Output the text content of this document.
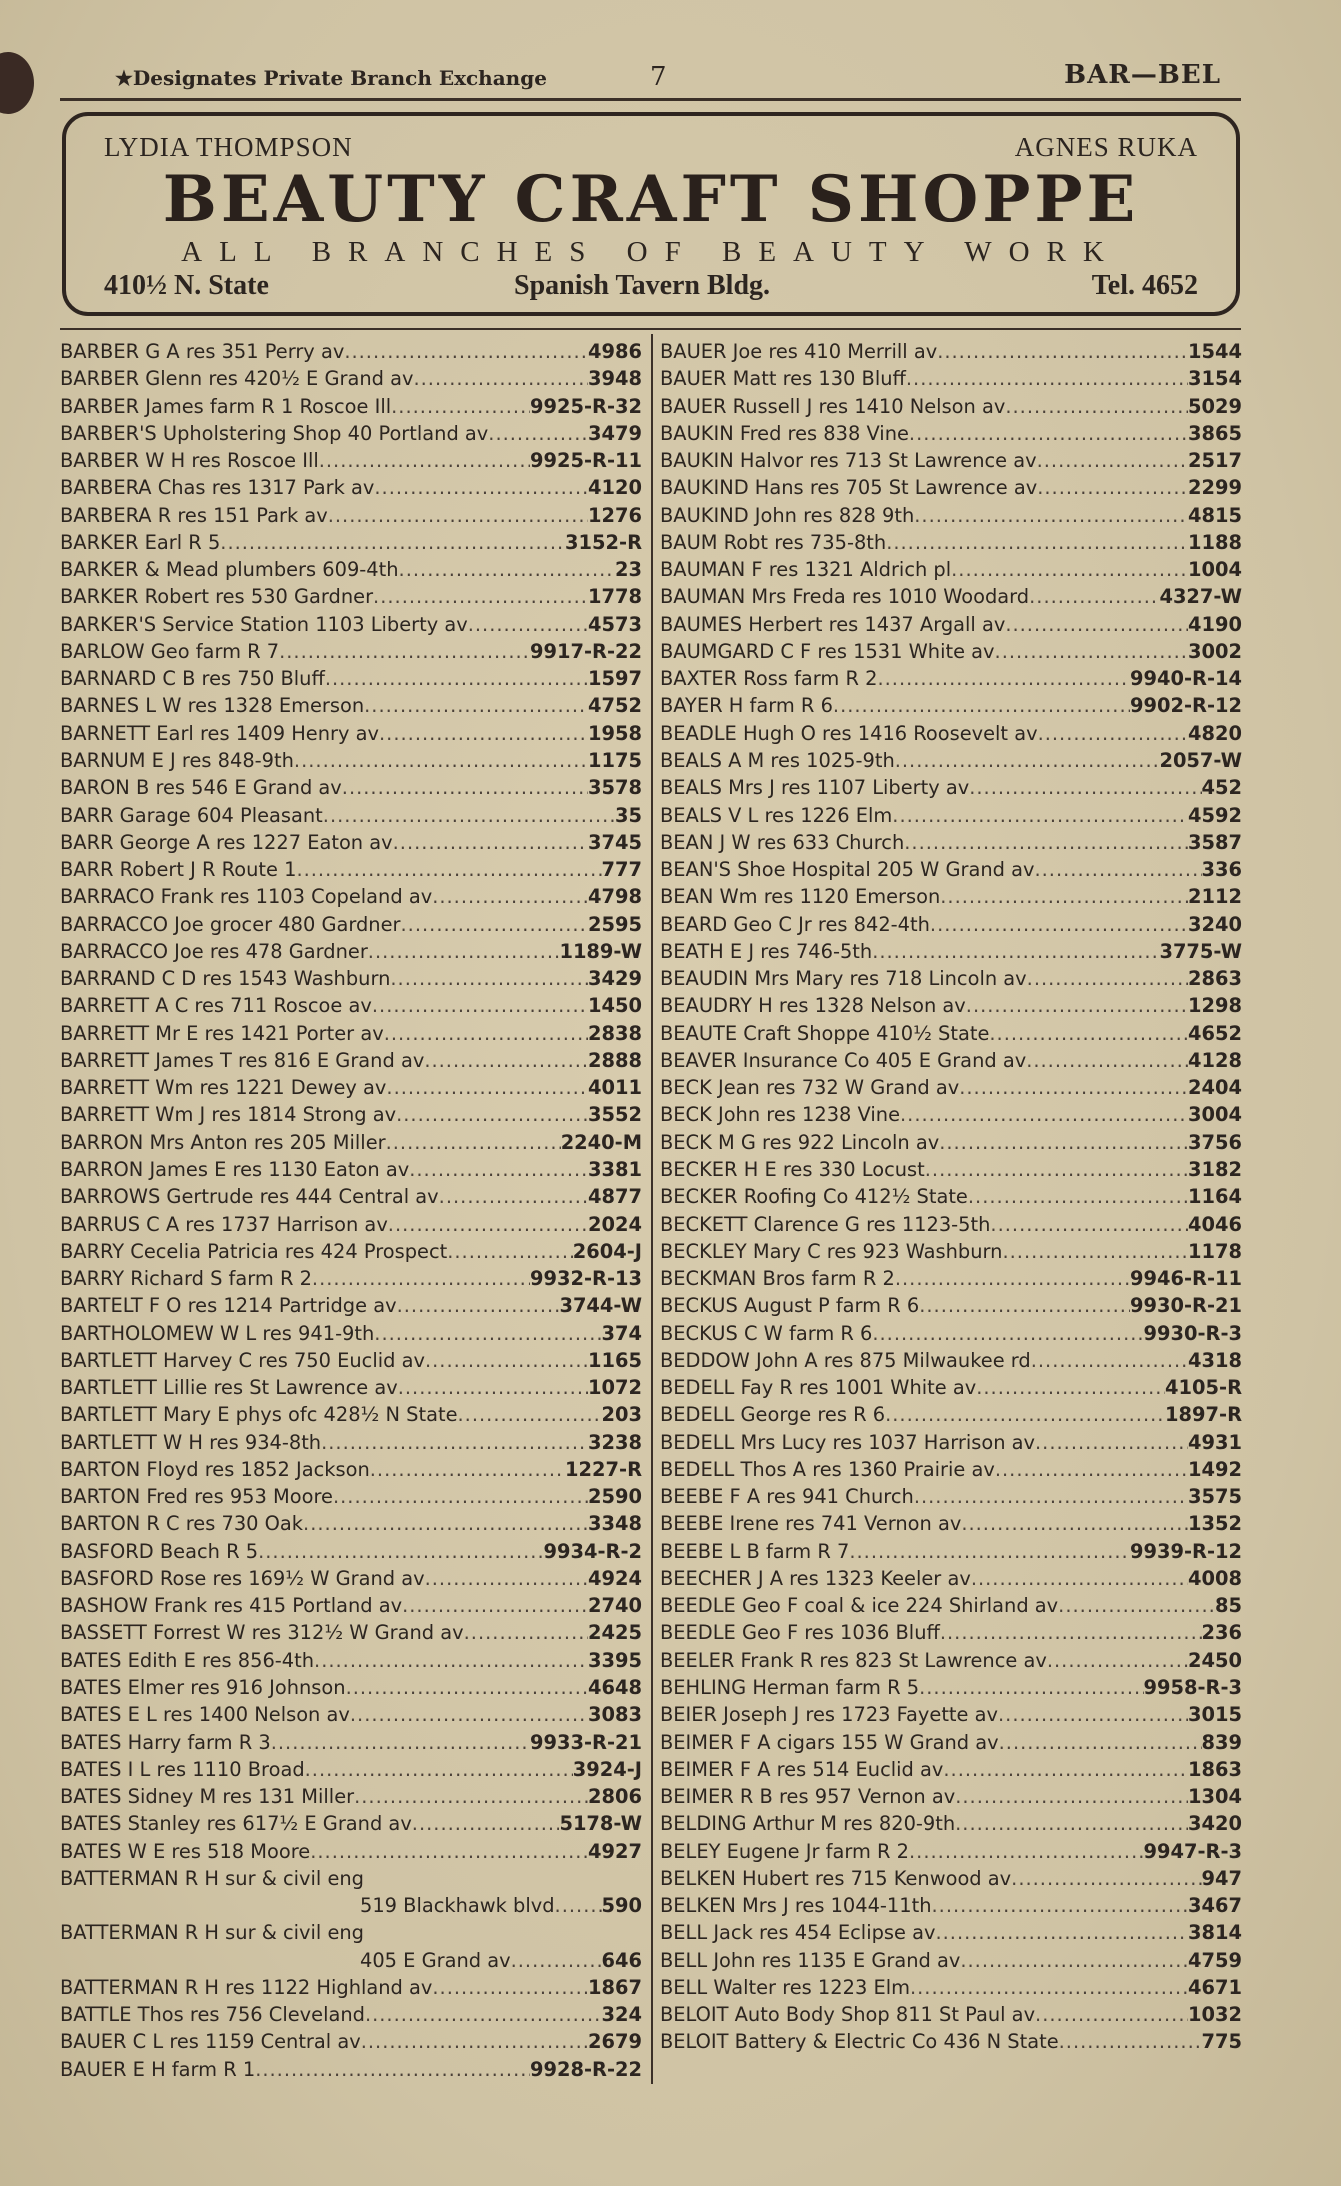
★Designates Private Branch Exchange	7	BAR—BEL
LYDIA THOMPSON	AGNES RUKA
BEAUTY CRAFT SHOPPE
ALL BRANCHES OF BEAUTY WORK
410½ N. State	Spanish Tavern Bldg.	Tel. 4652
BARBER G A res 351 Perry av .....	4986
BARBER Glenn res 420½ E Grand av .....	3948
BARBER James farm R 1 Roscoe Ill .....	9925-R-32
BARBER'S Upholstering Shop 40 Portland av .....	3479
BARBER W H res Roscoe Ill .....	9925-R-11
BARBERA Chas res 1317 Park av .....	4120
BARBERA R res 151 Park av .....	1276
BARKER Earl R 5 .....	3152-R
BARKER & Mead plumbers 609-4th .....	23
BARKER Robert res 530 Gardner .....	1778
BARKER'S Service Station 1103 Liberty av .....	4573
BARLOW Geo farm R 7 .....	9917-R-22
BARNARD C B res 750 Bluff .....	1597
BARNES L W res 1328 Emerson .....	4752
BARNETT Earl res 1409 Henry av .....	1958
BARNUM E J res 848-9th .....	1175
BARON B res 546 E Grand av .....	3578
BARR Garage 604 Pleasant .....	35
BARR George A res 1227 Eaton av .....	3745
BARR Robert J R Route 1 .....	777
BARRACO Frank res 1103 Copeland av .....	4798
BARRACCO Joe grocer 480 Gardner .....	2595
BARRACCO Joe res 478 Gardner .....	1189-W
BARRAND C D res 1543 Washburn .....	3429
BARRETT A C res 711 Roscoe av .....	1450
BARRETT Mr E res 1421 Porter av .....	2838
BARRETT James T res 816 E Grand av .....	2888
BARRETT Wm res 1221 Dewey av .....	4011
BARRETT Wm J res 1814 Strong av .....	3552
BARRON Mrs Anton res 205 Miller .....	2240-M
BARRON James E res 1130 Eaton av .....	3381
BARROWS Gertrude res 444 Central av .....	4877
BARRUS C A res 1737 Harrison av .....	2024
BARRY Cecelia Patricia res 424 Prospect .....	2604-J
BARRY Richard S farm R 2 .....	9932-R-13
BARTELT F O res 1214 Partridge av .....	3744-W
BARTHOLOMEW W L res 941-9th .....	374
BARTLETT Harvey C res 750 Euclid av .....	1165
BARTLETT Lillie res St Lawrence av .....	1072
BARTLETT Mary E phys ofc 428½ N State .....	203
BARTLETT W H res 934-8th .....	3238
BARTON Floyd res 1852 Jackson .....	1227-R
BARTON Fred res 953 Moore .....	2590
BARTON R C res 730 Oak .....	3348
BASFORD Beach R 5 .....	9934-R-2
BASFORD Rose res 169½ W Grand av .....	4924
BASHOW Frank res 415 Portland av .....	2740
BASSETT Forrest W res 312½ W Grand av .....	2425
BATES Edith E res 856-4th .....	3395
BATES Elmer res 916 Johnson .....	4648
BATES E L res 1400 Nelson av .....	3083
BATES Harry farm R 3 .....	9933-R-21
BATES I L res 1110 Broad .....	3924-J
BATES Sidney M res 131 Miller .....	2806
BATES Stanley res 617½ E Grand av .....	5178-W
BATES W E res 518 Moore .....	4927
BATTERMAN R H sur & civil eng
519 Blackhawk blvd ..... 590
BATTERMAN R H sur & civil eng
405 E Grand av .....	646
BATTERMAN R H res 1122 Highland av .....	1867
BATTLE Thos res 756 Cleveland .....	324
BAUER C L res 1159 Central av .....	2679
BAUER E H farm R 1 .....	9928-R-22
BAUER Joe res 410 Merrill av .....	1544
BAUER Matt res 130 Bluff .....	3154
BAUER Russell J res 1410 Nelson av .....	5029
BAUKIN Fred res 838 Vine .....	3865
BAUKIN Halvor res 713 St Lawrence av .....	2517
BAUKIND Hans res 705 St Lawrence av .....	2299
BAUKIND John res 828 9th .....	4815
BAUM Robt res 735-8th .....	1188
BAUMAN F res 1321 Aldrich pl .....	1004
BAUMAN Mrs Freda res 1010 Woodard .....	4327-W
BAUMES Herbert res 1437 Argall av .....	4190
BAUMGARD C F res 1531 White av .....	3002
BAXTER Ross farm R 2 .....	9940-R-14
BAYER H farm R 6 .....	9902-R-12
BEADLE Hugh O res 1416 Roosevelt av .....	4820
BEALS A M res 1025-9th .....	2057-W
BEALS Mrs J res 1107 Liberty av .....	452
BEALS V L res 1226 Elm .....	4592
BEAN J W res 633 Church .....	3587
BEAN'S Shoe Hospital 205 W Grand av .....	336
BEAN Wm res 1120 Emerson .....	2112
BEARD Geo C Jr res 842-4th .....	3240
BEATH E J res 746-5th .....	3775-W
BEAUDIN Mrs Mary res 718 Lincoln av .....	2863
BEAUDRY H res 1328 Nelson av .....	1298
BEAUTE Craft Shoppe 410½ State .....	4652
BEAVER Insurance Co 405 E Grand av .....	4128
BECK Jean res 732 W Grand av .....	2404
BECK John res 1238 Vine .....	3004
BECK M G res 922 Lincoln av .....	3756
BECKER H E res 330 Locust .....	3182
BECKER Roofing Co 412½ State .....	1164
BECKETT Clarence G res 1123-5th .....	4046
BECKLEY Mary C res 923 Washburn .....	1178
BECKMAN Bros farm R 2 .....	9946-R-11
BECKUS August P farm R 6 .....	9930-R-21
BECKUS C W farm R 6 .....	9930-R-3
BEDDOW John A res 875 Milwaukee rd .....	4318
BEDELL Fay R res 1001 White av .....	4105-R
BEDELL George res R 6 .....	1897-R
BEDELL Mrs Lucy res 1037 Harrison av .....	4931
BEDELL Thos A res 1360 Prairie av .....	1492
BEEBE F A res 941 Church .....	3575
BEEBE Irene res 741 Vernon av .....	1352
BEEBE L B farm R 7 .....	9939-R-12
BEECHER J A res 1323 Keeler av .....	4008
BEEDLE Geo F coal & ice 224 Shirland av .....	85
BEEDLE Geo F res 1036 Bluff .....	236
BEELER Frank R res 823 St Lawrence av .....	2450
BEHLING Herman farm R 5 .....	9958-R-3
BEIER Joseph J res 1723 Fayette av .....	3015
BEIMER F A cigars 155 W Grand av .....	839
BEIMER F A res 514 Euclid av .....	1863
BEIMER R B res 957 Vernon av .....	1304
BELDING Arthur M res 820-9th .....	3420
BELEY Eugene Jr farm R 2 .....	9947-R-3
BELKEN Hubert res 715 Kenwood av .....	947
BELKEN Mrs J res 1044-11th .....	3467
BELL Jack res 454 Eclipse av .....	3814
BELL John res 1135 E Grand av .....	4759
BELL Walter res 1223 Elm .....	4671
BELOIT Auto Body Shop 811 St Paul av .....	1032
BELOIT Battery & Electric Co 436 N State .....	775
